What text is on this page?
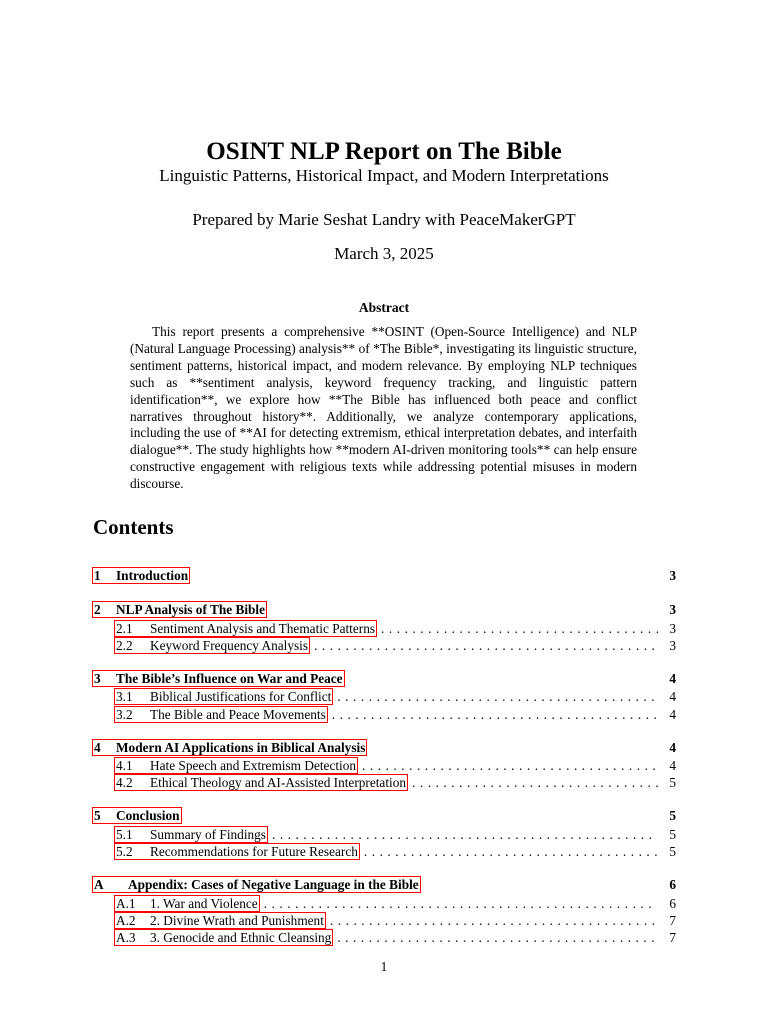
OSINT NLP Report on The Bible
Linguistic Patterns, Historical Impact, and Modern Interpretations
Prepared by Marie Seshat Landry with PeaceMakerGPT
March 3, 2025
Abstract

This report presents a comprehensive **OSINT (Open-Source Intelligence) and NLP (Natural Language Processing) analysis** of *The Bible*, investigating its linguistic structure, sentiment patterns, historical impact, and modern relevance. By employing NLP techniques such as **sentiment analysis, keyword frequency tracking, and linguistic pattern identification**, we explore how **The Bible has influenced both peace and conflict narratives throughout history**. Additionally, we analyze contemporary applications, including the use of **AI for detecting extremism, ethical interpretation debates, and interfaith dialogue**. The study highlights how **modern AI-driven monitoring tools** can help ensure constructive engagement with religious texts while addressing potential misuses in modern discourse.

Contents
1	Introduction	3
2	NLP Analysis of The Bible	3
2.1	Sentiment Analysis and Thematic Patterns . . .	3
2.2	Keyword Frequency Analysis . . .	3
3	The Bible’s Influence on War and Peace	4
3.1	Biblical Justifications for Conflict . . .	4
3.2	The Bible and Peace Movements . . .	4
4	Modern AI Applications in Biblical Analysis	4
4.1	Hate Speech and Extremism Detection . . .	4
4.2	Ethical Theology and AI-Assisted Interpretation . . .	5
5	Conclusion	5
5.1	Summary of Findings . . .	5
5.2	Recommendations for Future Research . . .	5
A	Appendix: Cases of Negative Language in the Bible	6
A.1	1. War and Violence . . .	6
A.2	2. Divine Wrath and Punishment . . .	7
A.3	3. Genocide and Ethnic Cleansing . . .	7
1
